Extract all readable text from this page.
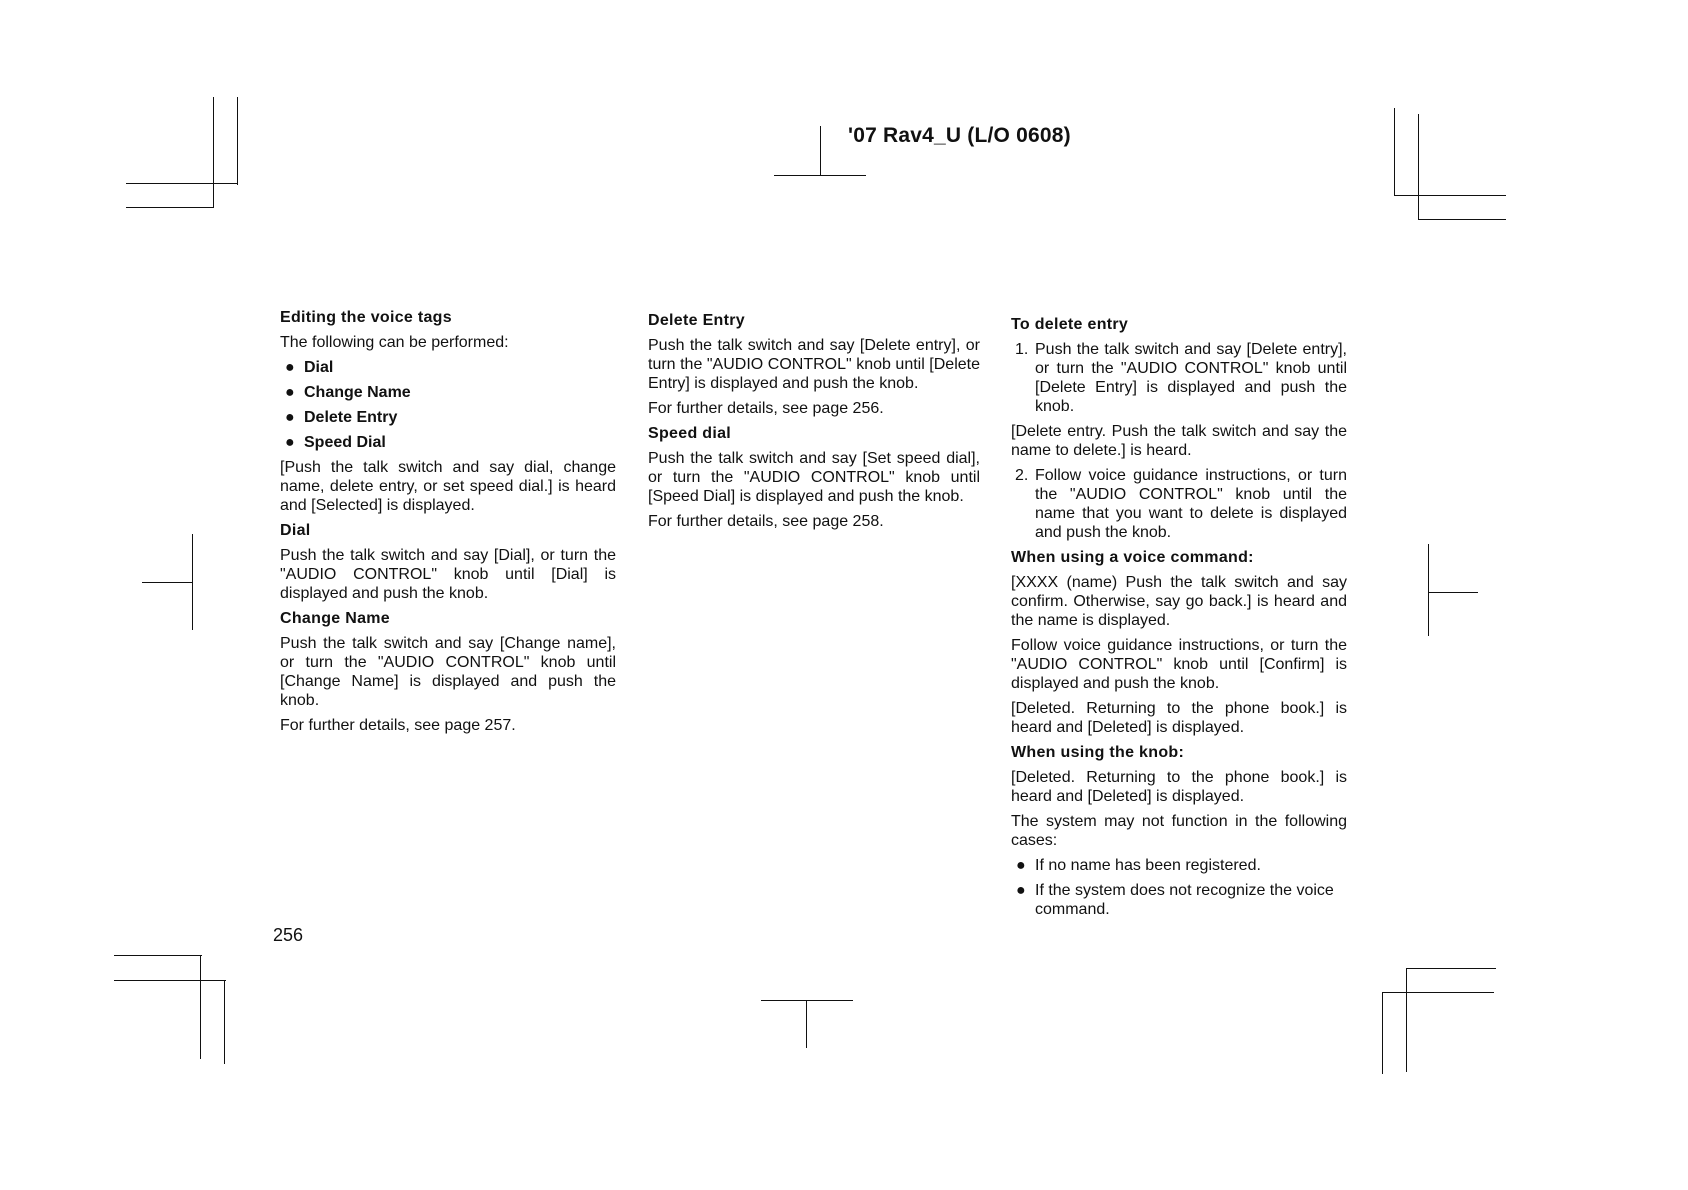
'07 Rav4_U (L/O 0608)
Editing the voice tags
The following can be performed:
● Dial
● Change Name
● Delete Entry
● Speed Dial
[Push the talk switch and say dial, change name, delete entry, or set speed dial.] is heard and [Selected] is displayed.
Dial
Push the talk switch and say [Dial], or turn the "AUDIO CONTROL" knob until [Dial] is displayed and push the knob.
Change Name
Push the talk switch and say [Change name], or turn the "AUDIO CONTROL" knob until [Change Name] is displayed and push the knob.
For further details, see page 257.
Delete Entry
Push the talk switch and say [Delete entry], or turn the "AUDIO CONTROL" knob until [Delete Entry] is displayed and push the knob.
For further details, see page 256.
Speed dial
Push the talk switch and say [Set speed dial], or turn the "AUDIO CONTROL" knob until [Speed Dial] is displayed and push the knob.
For further details, see page 258.
To delete entry
1. Push the talk switch and say [Delete entry], or turn the "AUDIO CONTROL" knob until [Delete Entry] is displayed and push the knob.
[Delete entry. Push the talk switch and say the name to delete.] is heard.
2. Follow voice guidance instructions, or turn the "AUDIO CONTROL" knob until the name that you want to delete is displayed and push the knob.
When using a voice command:
[XXXX (name) Push the talk switch and say confirm. Otherwise, say go back.] is heard and the name is displayed.
Follow voice guidance instructions, or turn the "AUDIO CONTROL" knob until [Confirm] is displayed and push the knob.
[Deleted. Returning to the phone book.] is heard and [Deleted] is displayed.
When using the knob:
[Deleted. Returning to the phone book.] is heard and [Deleted] is displayed.
The system may not function in the following cases:
● If no name has been registered.
● If the system does not recognize the voice command.
256
